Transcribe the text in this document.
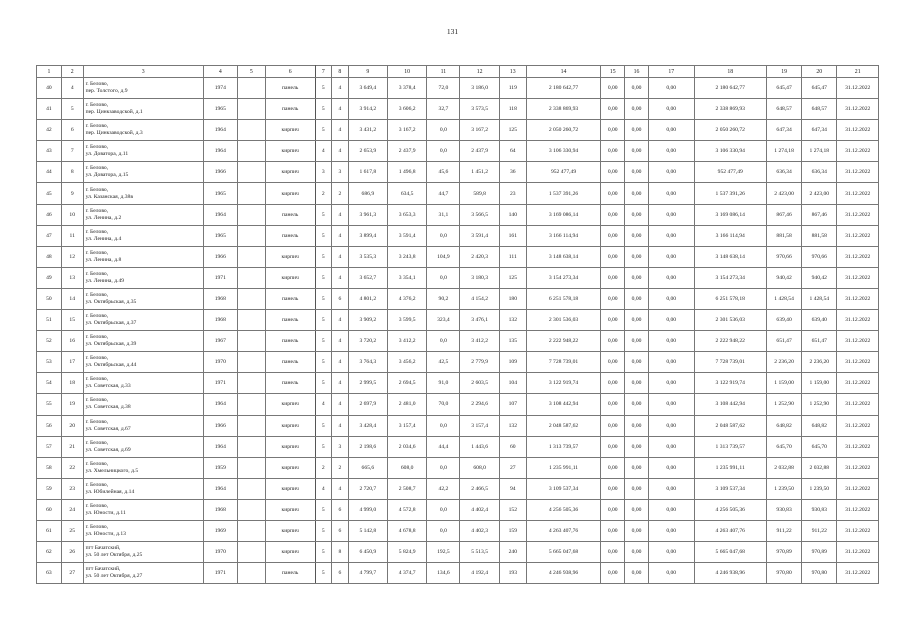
131
1	2	3	4	5	6	7	8	9	10	11	12	13	14	15	16	17	18	19	20	21
40	4	г. Белово,
пер. Толстого, д.9	1974		панель	5	4	3 649,4	3 378,4	72,0	3 186,0	119	2 180 642,77	0,00	0,00	0,00	2 180 642,77	645,47	645,47	31.12.2022
41	5	г. Белово,
пер. Цинкзаводской, д.1	1965		панель	5	4	3 914,2	3 606,2	32,7	3 573,5	118	2 338 869,93	0,00	0,00	0,00	2 338 869,93	648,57	648,57	31.12.2022
42	6	г. Белово,
пер. Цинкзаводской, д.3	1964		кирпич	5	4	3 431,2	3 167,2	0,0	3 167,2	125	2 050 260,72	0,00	0,00	0,00	2 050 260,72	647,34	647,34	31.12.2022
43	7	г. Белово,
ул. Доватора, д.11	1964		кирпич	4	4	2 653,9	2 437,9	0,0	2 437,9	64	3 106 330,94	0,00	0,00	0,00	3 106 330,94	1 274,18	1 274,18	31.12.2022
44	8	г. Белово,
ул. Доватора, д.15	1966		кирпич	3	3	1 617,8	1 496,8	45,6	1 451,2	36	952 477,49	0,00	0,00	0,00	952 477,49	636,34	636,34	31.12.2022
45	9	г. Белово,
ул. Казанская, д.38в	1965		кирпич	2	2	686,9	634,5	44,7	589,8	23	1 537 391,26	0,00	0,00	0,00	1 537 391,26	2 423,00	2 423,00	31.12.2022
46	10	г. Белово,
ул. Ленина, д.2	1964		панель	5	4	3 961,3	3 653,3	31,1	3 566,5	140	3 169 086,14	0,00	0,00	0,00	3 169 086,14	867,46	867,46	31.12.2022
47	11	г. Белово,
ул. Ленина, д.4	1965		панель	5	4	3 899,4	3 591,4	0,0	3 591,4	161	3 166 114,94	0,00	0,00	0,00	3 166 114,94	881,58	881,58	31.12.2022
48	12	г. Белово,
ул. Ленина, д.8	1966		кирпич	5	4	3 535,3	3 243,8	104,9	2 420,3	111	3 148 638,14	0,00	0,00	0,00	3 148 638,14	970,66	970,66	31.12.2022
49	13	г. Белово,
ул. Ленина, д.49	1971		кирпич	5	4	3 652,7	3 354,1	0,0	3 180,3	125	3 154 273,34	0,00	0,00	0,00	3 154 273,34	940,42	940,42	31.12.2022
50	14	г. Белово,
ул. Октябрьская, д.35	1968		панель	5	6	4 801,2	4 376,2	90,2	4 154,2	180	6 251 578,18	0,00	0,00	0,00	6 251 578,18	1 428,54	1 428,54	31.12.2022
51	15	г. Белово,
ул. Октябрьская, д.37	1968		панель	5	4	3 909,2	3 599,5	323,4	3 476,1	132	2 301 536,03	0,00	0,00	0,00	2 301 536,03	639,40	639,40	31.12.2022
52	16	г. Белово,
ул. Октябрьская, д.39	1967		панель	5	4	3 720,2	3 412,2	0,0	3 412,2	135	2 222 948,22	0,00	0,00	0,00	2 222 948,22	651,47	651,47	31.12.2022
53	17	г. Белово,
ул. Октябрьская, д.44	1970		панель	5	4	3 764,3	3 456,2	42,5	2 779,9	109	7 728 739,01	0,00	0,00	0,00	7 728 739,01	2 236,20	2 236,20	31.12.2022
54	18	г. Белово,
ул. Советская, д.33	1971		панель	5	4	2 999,5	2 694,5	91,0	2 603,5	104	3 122 919,74	0,00	0,00	0,00	3 122 919,74	1 159,00	1 159,00	31.12.2022
55	19	г. Белово,
ул. Советская, д.38	1964		кирпич	4	4	2 697,9	2 481,0	70,0	2 294,6	107	3 108 442,94	0,00	0,00	0,00	3 108 442,94	1 252,90	1 252,90	31.12.2022
56	20	г. Белово,
ул. Советская, д.67	1966		кирпич	5	4	3 428,4	3 157,4	0,0	3 157,4	132	2 048 587,62	0,00	0,00	0,00	2 048 587,62	648,82	648,82	31.12.2022
57	21	г. Белово,
ул. Советская, д.69	1964		кирпич	5	3	2 198,6	2 034,6	44,4	1 443,6	60	1 313 739,57	0,00	0,00	0,00	1 313 739,57	645,70	645,70	31.12.2022
58	22	г. Белово,
ул. Хмельницкого, д.5	1959		кирпич	2	2	665,6	608,0	0,0	608,0	27	1 235 991,11	0,00	0,00	0,00	1 235 991,11	2 032,88	2 032,88	31.12.2022
59	23	г. Белово,
ул. Юбилейная, д.14	1964		кирпич	4	4	2 720,7	2 508,7	42,2	2 466,5	94	3 109 537,34	0,00	0,00	0,00	3 109 537,34	1 239,50	1 239,50	31.12.2022
60	24	г. Белово,
ул. Юности, д.11	1968		кирпич	5	6	4 999,0	4 572,8	0,0	4 402,4	152	4 256 505,36	0,00	0,00	0,00	4 256 505,36	930,83	930,83	31.12.2022
61	25	г. Белово,
ул. Юности, д.13	1969		кирпич	5	6	5 142,8	4 678,8	0,0	4 402,3	159	4 263 407,76	0,00	0,00	0,00	4 263 407,76	911,22	911,22	31.12.2022
62	26	пгт Бачатский,
ул. 50 лет Октября, д.25	1970		кирпич	5	8	6 450,9	5 824,9	192,5	5 513,5	240	5 665 047,68	0,00	0,00	0,00	5 665 047,68	970,89	970,89	31.12.2022
63	27	пгт Бачатский,
ул. 50 лет Октября, д.27	1971		панель	5	6	4 799,7	4 374,7	134,6	4 192,4	193	4 246 938,96	0,00	0,00	0,00	4 246 938,96	970,80	970,80	31.12.2022
